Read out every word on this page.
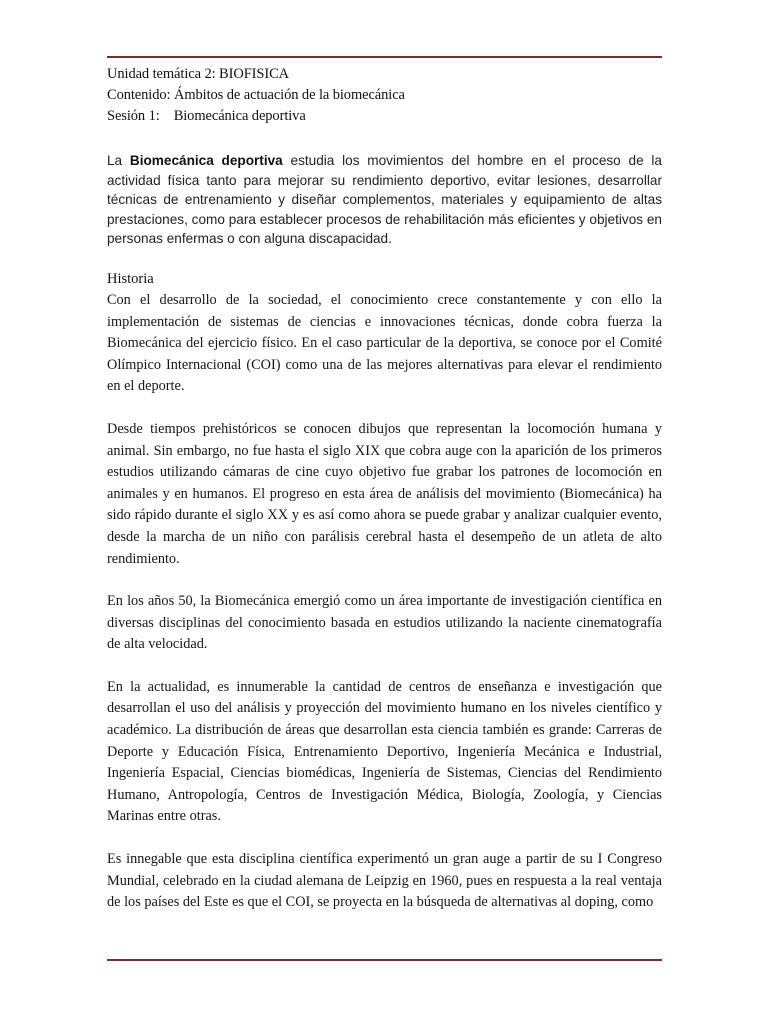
Unidad temática 2: BIOFISICA

Contenido: Ámbitos de actuación de la biomecánica

Sesión 1: Biomecánica deportiva

La Biomecánica deportiva estudia los movimientos del hombre en el proceso de la actividad física tanto para mejorar su rendimiento deportivo, evitar lesiones, desarrollar técnicas de entrenamiento y diseñar complementos, materiales y equipamiento de altas prestaciones, como para establecer procesos de rehabilitación más eficientes y objetivos en personas enfermas o con alguna discapacidad.

Historia

Con el desarrollo de la sociedad, el conocimiento crece constantemente y con ello la implementación de sistemas de ciencias e innovaciones técnicas, donde cobra fuerza la Biomecánica del ejercicio físico. En el caso particular de la deportiva, se conoce por el Comité Olímpico Internacional (COI) como una de las mejores alternativas para elevar el rendimiento en el deporte.

Desde tiempos prehistóricos se conocen dibujos que representan la locomoción humana y animal. Sin embargo, no fue hasta el siglo XIX que cobra auge con la aparición de los primeros estudios utilizando cámaras de cine cuyo objetivo fue grabar los patrones de locomoción en animales y en humanos. El progreso en esta área de análisis del movimiento (Biomecánica) ha sido rápido durante el siglo XX y es así como ahora se puede grabar y analizar cualquier evento, desde la marcha de un niño con parálisis cerebral hasta el desempeño de un atleta de alto rendimiento.

En los años 50, la Biomecánica emergió como un área importante de investigación científica en diversas disciplinas del conocimiento basada en estudios utilizando la naciente cinematografía de alta velocidad.

En la actualidad, es innumerable la cantidad de centros de enseñanza e investigación que desarrollan el uso del análisis y proyección del movimiento humano en los niveles científico y académico. La distribución de áreas que desarrollan esta ciencia también es grande: Carreras de Deporte y Educación Física, Entrenamiento Deportivo, Ingeniería Mecánica e Industrial, Ingeniería Espacial, Ciencias biomédicas, Ingeniería de Sistemas, Ciencias del Rendimiento Humano, Antropología, Centros de Investigación Médica, Biología, Zoología, y Ciencias Marinas entre otras.

Es innegable que esta disciplina científica experimentó un gran auge a partir de su I Congreso Mundial, celebrado en la ciudad alemana de Leipzig en 1960, pues en respuesta a la real ventaja de los países del Este es que el COI, se proyecta en la búsqueda de alternativas al doping, como
